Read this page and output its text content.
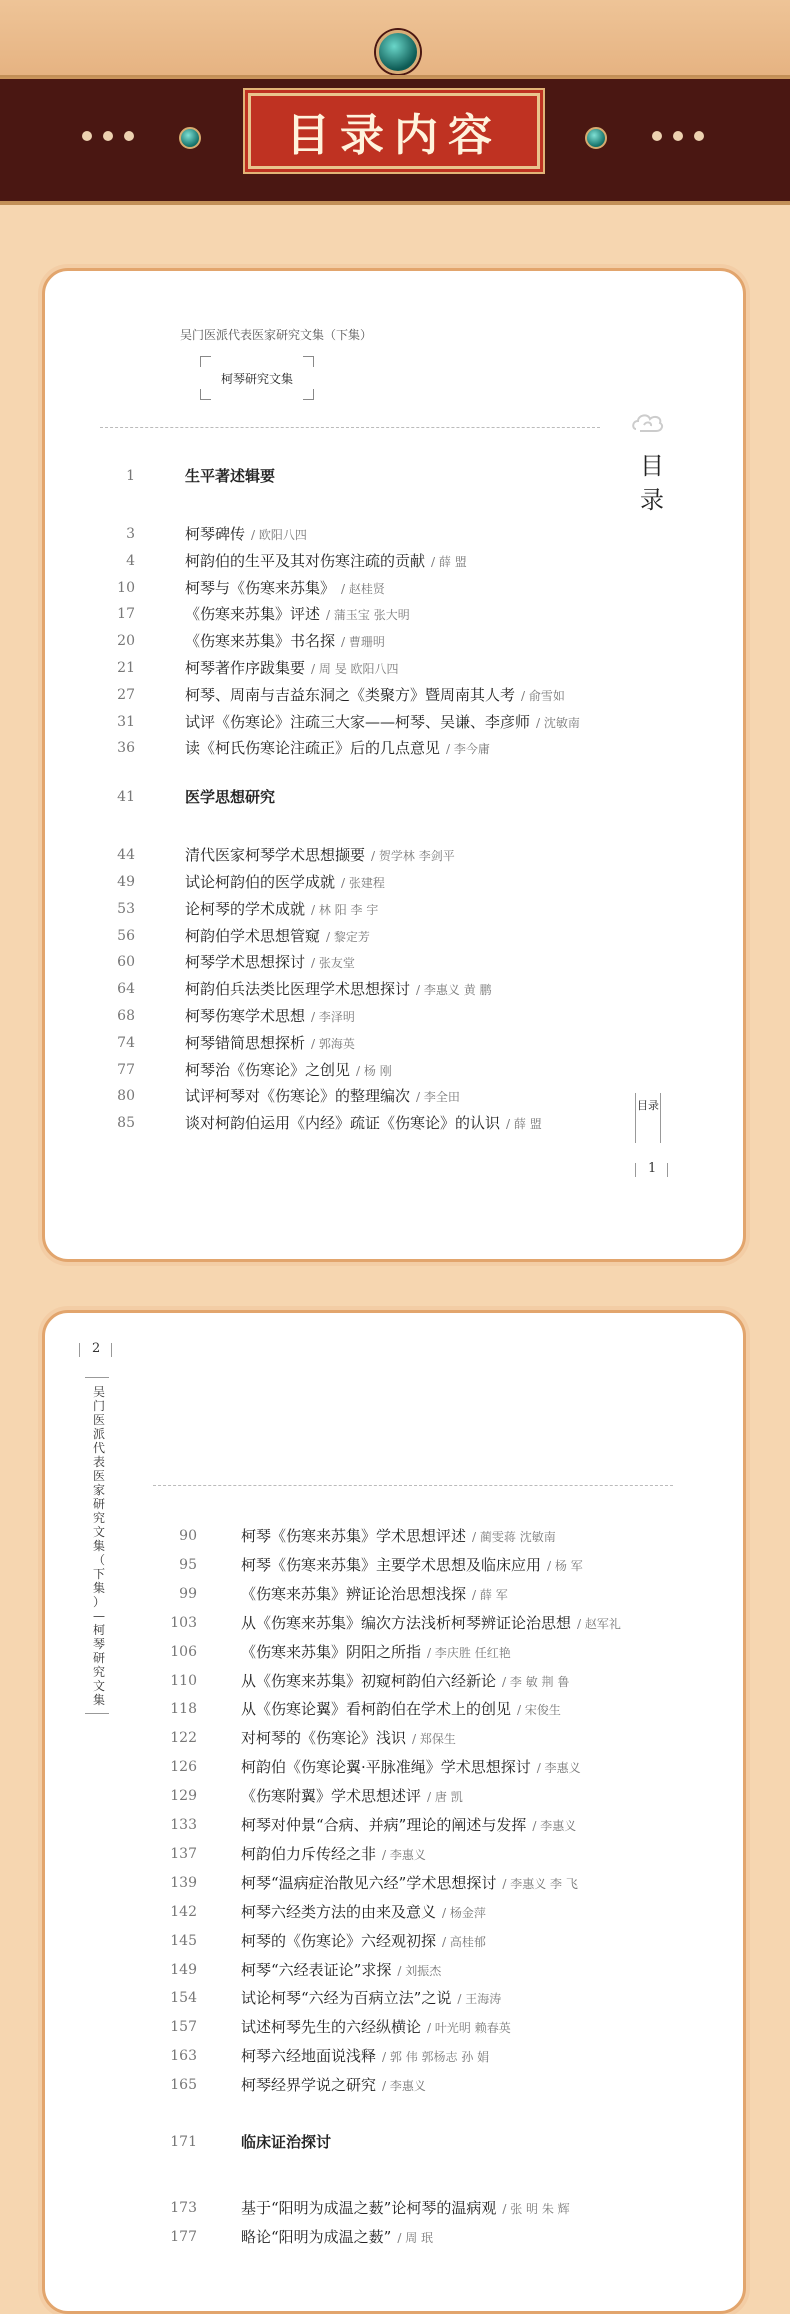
目录内容
吴门医派代表医家研究文集（下集）
柯琴研究文集
目录
1	生平著述辑要
3	柯琴碑传 / 欧阳八四
4	柯韵伯的生平及其对伤寒注疏的贡献 / 薛 盟
10	柯琴与《伤寒来苏集》 / 赵桂贤
17	《伤寒来苏集》评述 / 蒲玉宝 张大明
20	《伤寒来苏集》书名探 / 曹珊明
21	柯琴著作序跋集要 / 周 旻 欧阳八四
27	柯琴、周南与吉益东洞之《类聚方》暨周南其人考 / 俞雪如
31	试评《伤寒论》注疏三大家——柯琴、吴谦、李彦师 / 沈敏南
36	读《柯氏伤寒论注疏正》后的几点意见 / 李今庸
41	医学思想研究
44	清代医家柯琴学术思想撷要 / 贺学林 李剑平
49	试论柯韵伯的医学成就 / 张建程
53	论柯琴的学术成就 / 林 阳 李 宇
56	柯韵伯学术思想管窥 / 黎定芳
60	柯琴学术思想探讨 / 张友堂
64	柯韵伯兵法类比医理学术思想探讨 / 李惠义 黄 鹏
68	柯琴伤寒学术思想 / 李泽明
74	柯琴错简思想探析 / 郭海英
77	柯琴治《伤寒论》之创见 / 杨 刚
80	试评柯琴对《伤寒论》的整理编次 / 李全田
85	谈对柯韵伯运用《内经》疏证《伤寒论》的认识 / 薛 盟
目录
1
2
吴
门
医
派
代
表
医
家
研
究
文
集
（
下
集
）
—
柯
琴
研
究
文
集
90	柯琴《伤寒来苏集》学术思想评述 / 蔺雯蒋 沈敏南
95	柯琴《伤寒来苏集》主要学术思想及临床应用 / 杨 军
99	《伤寒来苏集》辨证论治思想浅探 / 薛 军
103	从《伤寒来苏集》编次方法浅析柯琴辨证论治思想 / 赵军礼
106	《伤寒来苏集》阴阳之所指 / 李庆胜 任红艳
110	从《伤寒来苏集》初窥柯韵伯六经新论 / 李 敏 荆 鲁
118	从《伤寒论翼》看柯韵伯在学术上的创见 / 宋俊生
122	对柯琴的《伤寒论》浅识 / 郑保生
126	柯韵伯《伤寒论翼·平脉准绳》学术思想探讨 / 李惠义
129	《伤寒附翼》学术思想述评 / 唐 凯
133	柯琴对仲景“合病、并病”理论的阐述与发挥 / 李惠义
137	柯韵伯力斥传经之非 / 李惠义
139	柯琴“温病症治散见六经”学术思想探讨 / 李惠义 李 飞
142	柯琴六经类方法的由来及意义 / 杨金萍
145	柯琴的《伤寒论》六经观初探 / 高桂郁
149	柯琴“六经表证论”求探 / 刘振杰
154	试论柯琴“六经为百病立法”之说 / 王海涛
157	试述柯琴先生的六经纵横论 / 叶光明 赖春英
163	柯琴六经地面说浅释 / 郭 伟 郭杨志 孙 娟
165	柯琴经界学说之研究 / 李惠义
171	临床证治探讨
173	基于“阳明为成温之薮”论柯琴的温病观 / 张 明 朱 辉
177	略论“阳明为成温之薮” / 周 珉
